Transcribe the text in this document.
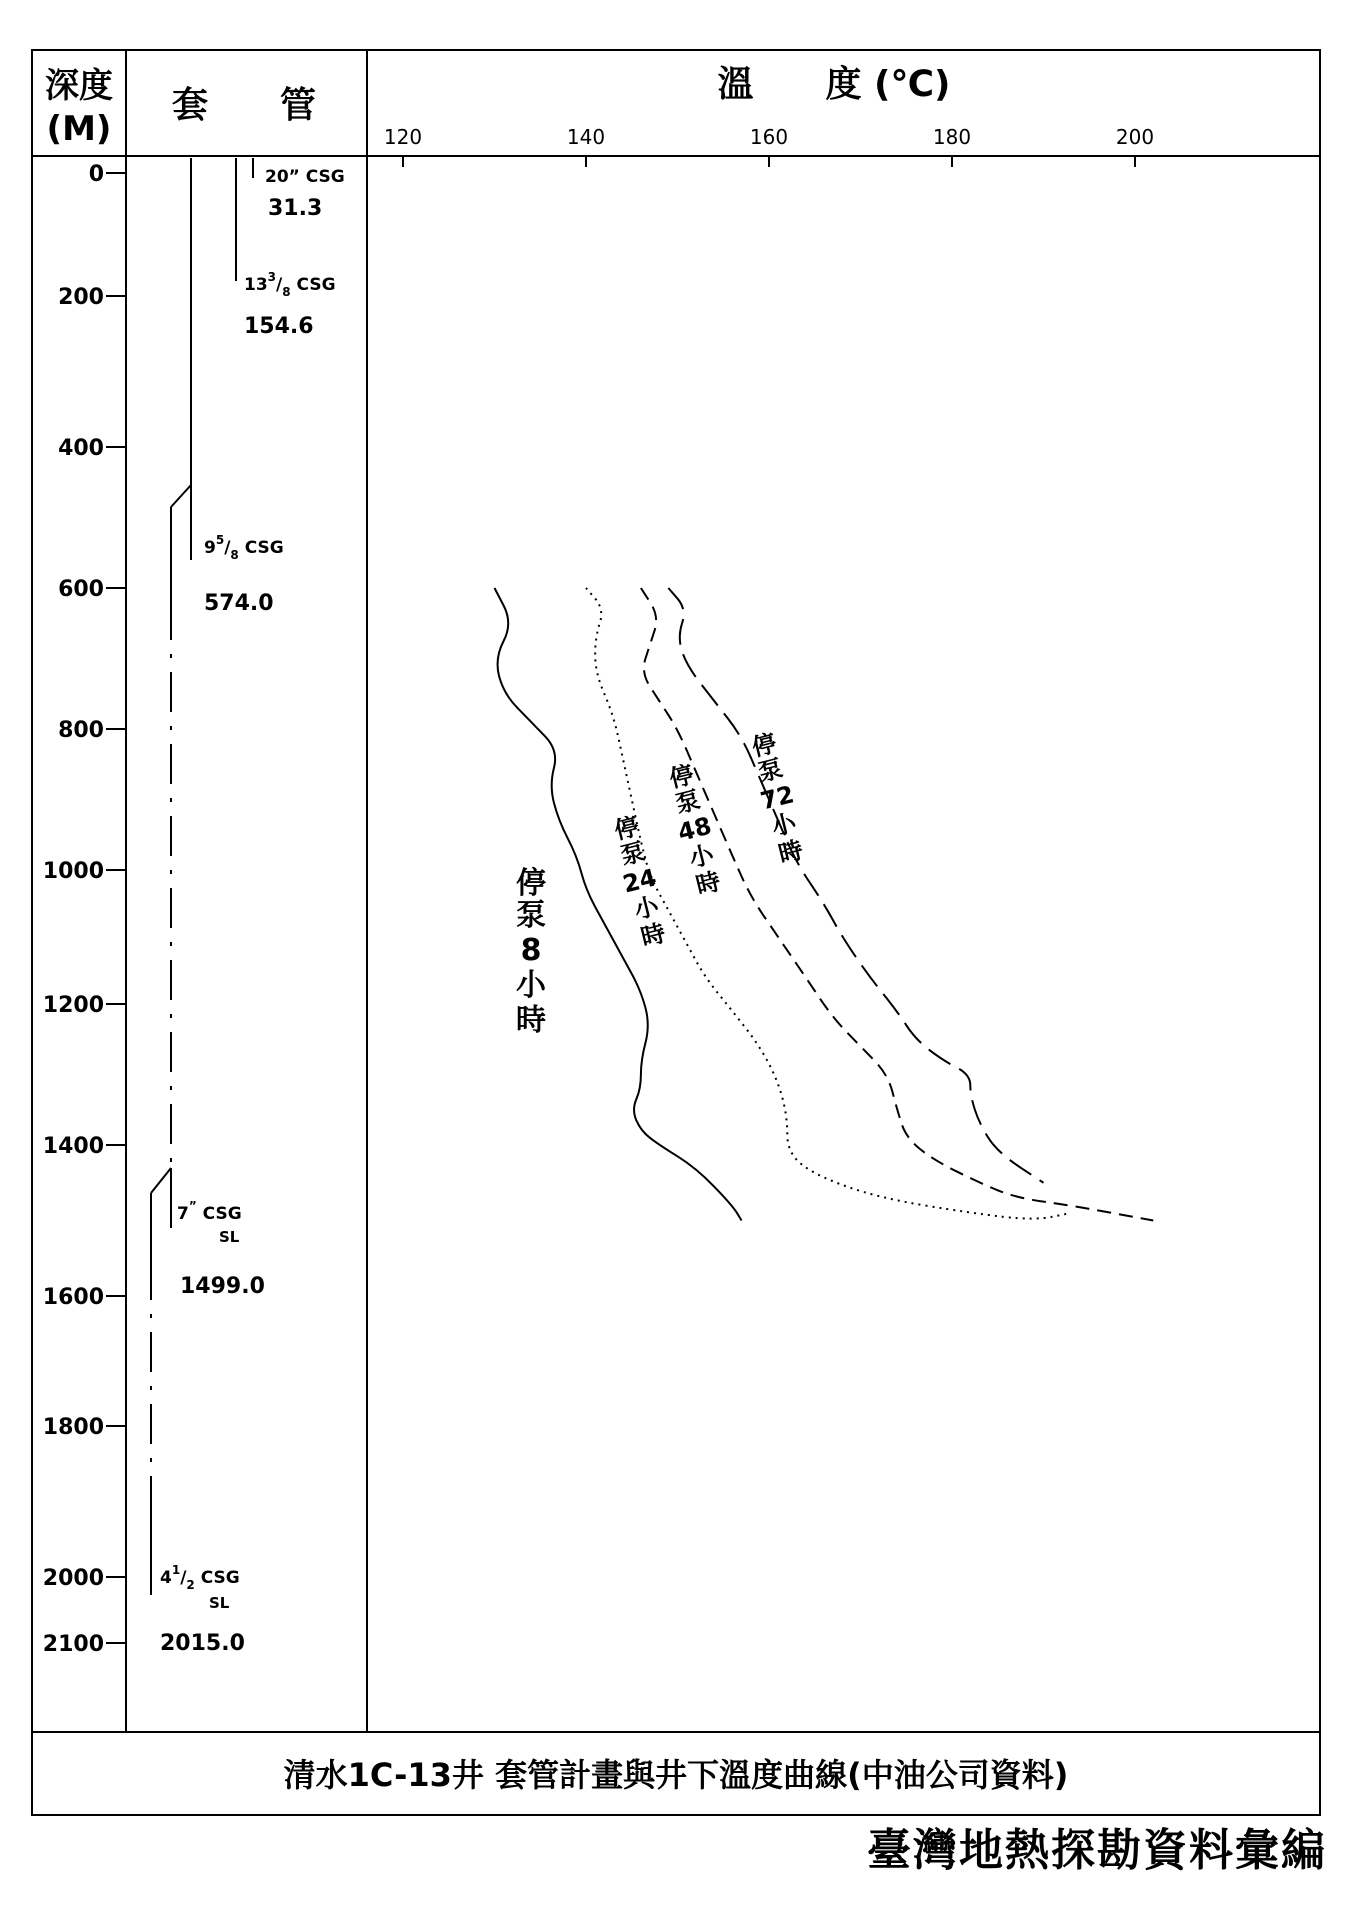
深度
(M)
套　　管
溫　　度 (℃)
120	140	160	180	200
0
200
400
600
800
1000
1200
1400
1600
1800
2000
2100
20” CSG
31.3
$13^3/_8$ CSG
154.6
$9^5/_8$ CSG
574.0
7” CSG
SL
1499.0
$4^1/_2$ CSG
SL
2015.0
停
泵
8
小
時
停
泵
24
小
時
停
泵
48
小
時
停
泵
72
小
時
清水1C-13井 套管計畫與井下溫度曲線(中油公司資料)
臺灣地熱探勘資料彙編
